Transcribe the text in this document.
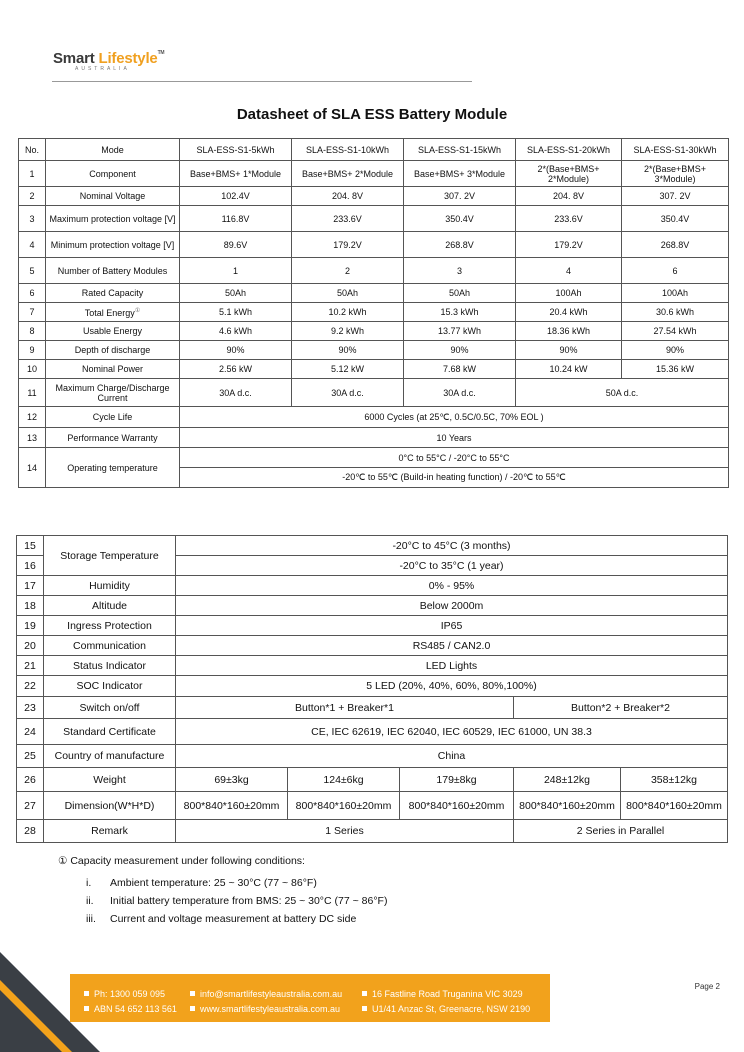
Smart Lifestyle™
AUSTRALIA
Datasheet of SLA ESS Battery Module
No.	Mode	SLA-ESS-S1-5kWh	SLA-ESS-S1-10kWh	SLA-ESS-S1-15kWh	SLA-ESS-S1-20kWh	SLA-ESS-S1-30kWh
1	Component	Base+BMS+ 1*Module	Base+BMS+ 2*Module	Base+BMS+ 3*Module	2*(Base+BMS+ 2*Module)	2*(Base+BMS+ 3*Module)
2	Nominal Voltage	102.4V	204. 8V	307. 2V	204. 8V	307. 2V
3	Maximum protection voltage [V]	116.8V	233.6V	350.4V	233.6V	350.4V
4	Minimum protection voltage [V]	89.6V	179.2V	268.8V	179.2V	268.8V
5	Number of Battery Modules	1	2	3	4	6
6	Rated Capacity	50Ah	50Ah	50Ah	100Ah	100Ah
7	Total Energy①	5.1 kWh	10.2 kWh	15.3 kWh	20.4 kWh	30.6 kWh
8	Usable Energy	4.6 kWh	9.2 kWh	13.77 kWh	18.36 kWh	27.54 kWh
9	Depth of discharge	90%	90%	90%	90%	90%
10	Nominal Power	2.56 kW	5.12 kW	7.68 kW	10.24 kW	15.36 kW
11	Maximum Charge/Discharge Current	30A d.c.	30A d.c.	30A d.c.	50A d.c.	
12	Cycle Life	6000 Cycles (at 25℃, 0.5C/0.5C, 70% EOL )				
13	Performance Warranty	10 Years				
14	Operating temperature	0°C to 55°C / -20°C to 55°C				
		-20℃ to 55℃ (Build-in heating function) / -20℃ to 55℃				
15	Storage Temperature	-20°C to 45°C (3 months)				
16		-20°C to 35°C (1 year)				
17	Humidity	0% - 95%				
18	Altitude	Below 2000m				
19	Ingress Protection	IP65				
20	Communication	RS485 / CAN2.0				
21	Status Indicator	LED Lights				
22	SOC Indicator	5 LED (20%, 40%, 60%, 80%,100%)				
23	Switch on/off	Button*1 + Breaker*1			Button*2 + Breaker*2	
24	Standard Certificate	CE, IEC 62619, IEC 62040, IEC 60529, IEC 61000, UN 38.3				
25	Country of manufacture	China				
26	Weight	69±3kg	124±6kg	179±8kg	248±12kg	358±12kg
27	Dimension(W*H*D)	800*840*160±20mm	800*840*160±20mm	800*840*160±20mm	800*840*160±20mm	800*840*160±20mm
28	Remark	1 Series			2 Series in Parallel	
① Capacity measurement under following conditions:
i. Ambient temperature: 25 ~ 30°C (77 ~ 86°F)
ii. Initial battery temperature from BMS: 25 ~ 30°C (77 ~ 86°F)
iii. Current and voltage measurement at battery DC side
Ph: 1300 059 095	info@smartlifestyleaustralia.com.au	16 Fastline Road Truganina VIC 3029
ABN 54 652 113 561	www.smartlifestyleaustralia.com.au	U1/41 Anzac St, Greenacre, NSW 2190
Page 2
